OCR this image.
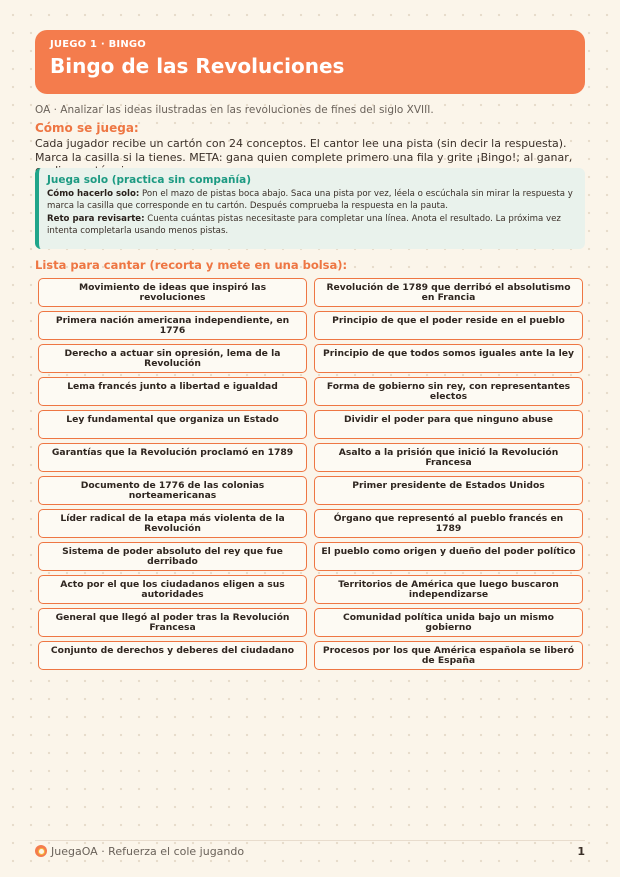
JUEGO 1 · BINGO
Bingo de las Revoluciones
OA · Analizar las ideas ilustradas en las revoluciones de fines del siglo XVIII.
Cómo se juega:
Cada jugador recibe un cartón con 24 conceptos. El cantor lee una pista (sin decir la respuesta). Marca la casilla si la tienes. META: gana quien complete primero una fila y grite ¡Bingo!; al ganar,
Juega solo (practica sin compañía)

Cómo hacerlo solo: Pon el mazo de pistas boca abajo. Saca una pista por vez, léela o escúchala sin mirar la respuesta y marca la casilla que corresponde en tu cartón. Después comprueba la respuesta en la pauta.

Reto para revisarte: Cuenta cuántas pistas necesitaste para completar una línea. Anota el resultado. La próxima vez intenta completarla usando menos pistas.

Lista para cantar (recorta y mete en una bolsa):
Movimiento de ideas que inspiró las revoluciones
Revolución de 1789 que derribó el absolutismo en Francia
Primera nación americana independiente, en 1776
Principio de que el poder reside en el pueblo
Derecho a actuar sin opresión, lema de la Revolución
Principio de que todos somos iguales ante la ley
Lema francés junto a libertad e igualdad	Forma de gobierno sin rey, con representantes electos
Ley fundamental que organiza un Estado	Dividir el poder para que ninguno abuse
Garantías que la Revolución proclamó en 1789	Asalto a la prisión que inició la Revolución Francesa
Documento de 1776 de las colonias norteamericanas
Primer presidente de Estados Unidos
Líder radical de la etapa más violenta de la Revolución
Órgano que representó al pueblo francés en 1789
Sistema de poder absoluto del rey que fue derribado
El pueblo como origen y dueño del poder político
Acto por el que los ciudadanos eligen a sus autoridades
Territorios de América que luego buscaron independizarse
General que llegó al poder tras la Revolución Francesa
Comunidad política unida bajo un mismo gobierno
Conjunto de derechos y deberes del ciudadano	Procesos por los que América española se liberó de España
JuegaOA · Refuerza el cole jugando	1
